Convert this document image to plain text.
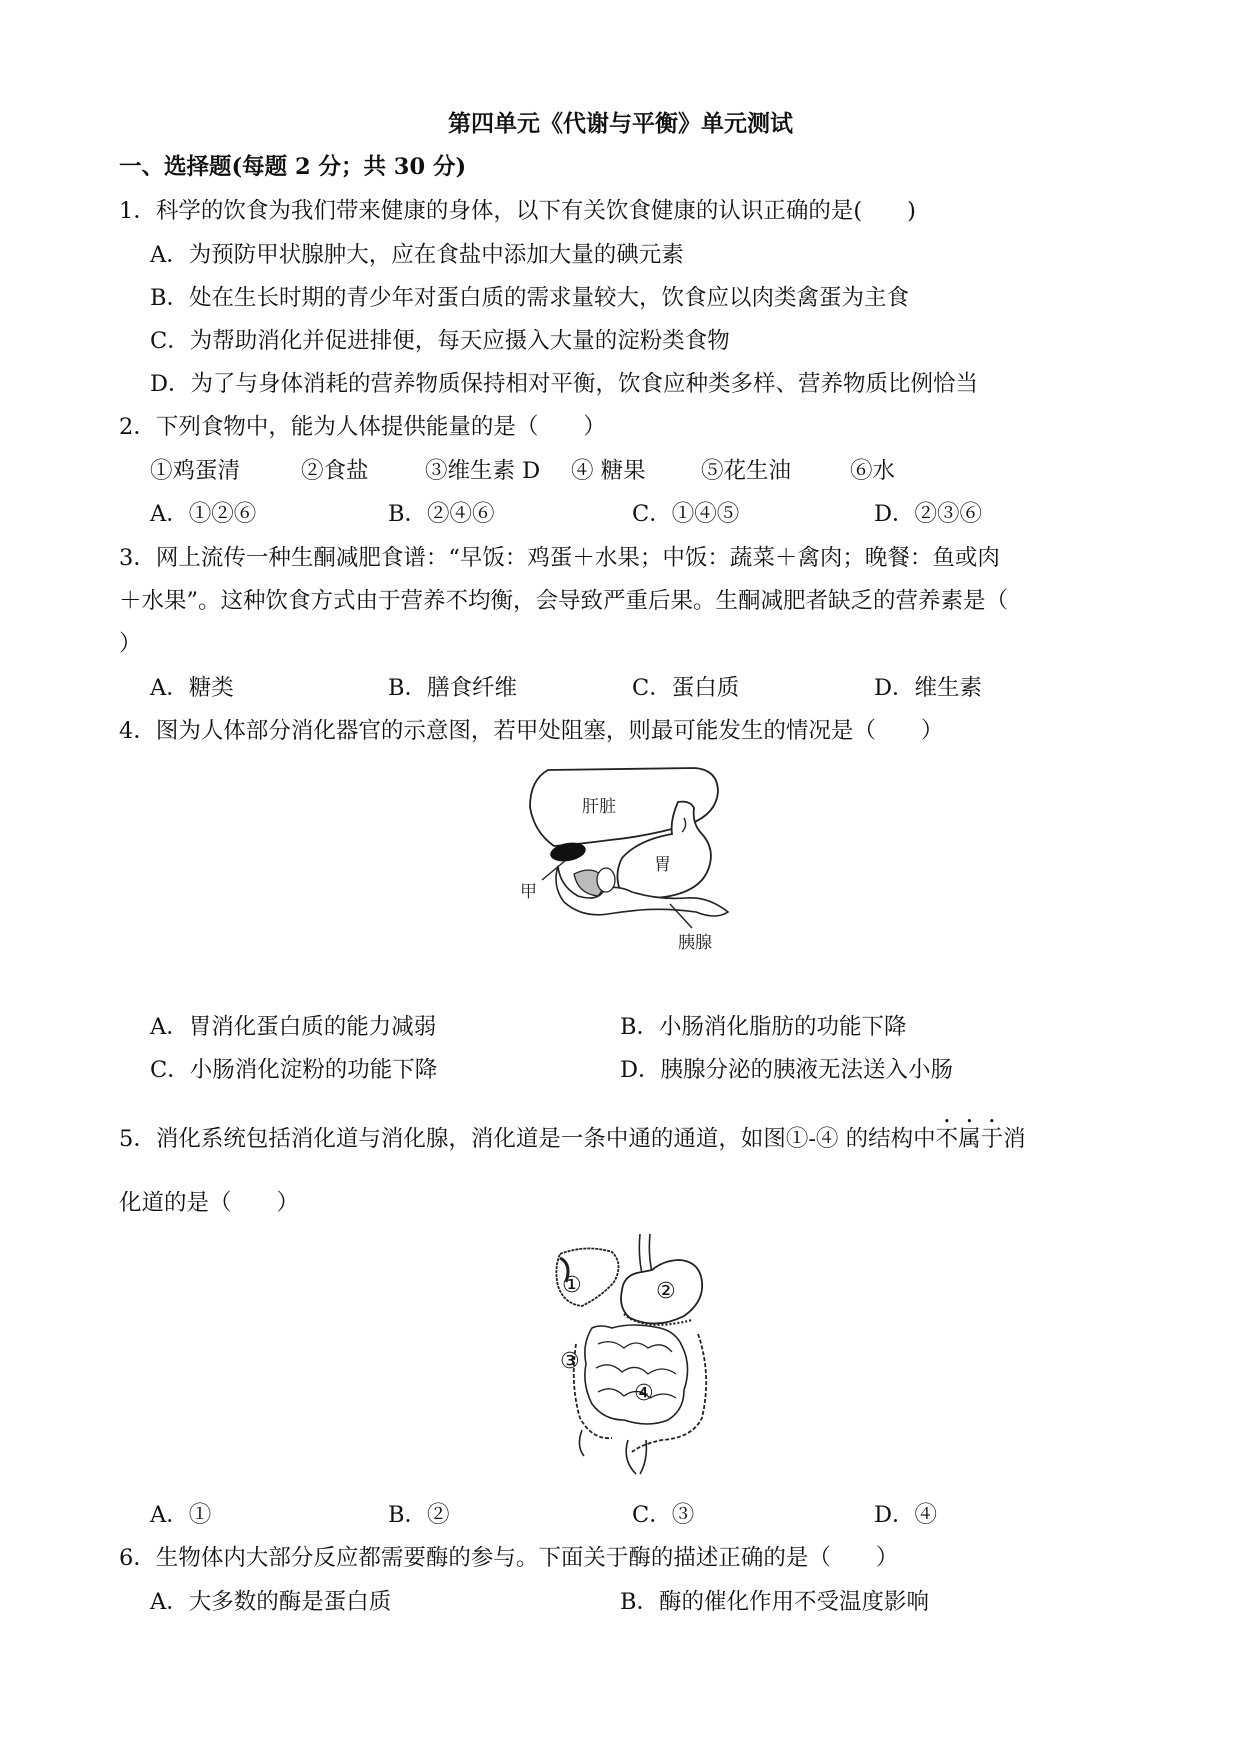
第四单元《代谢与平衡》单元测试
一、选择题(每题 2 分；共 30 分)
1．科学的饮食为我们带来健康的身体，以下有关饮食健康的认识正确的是(　　)
A．为预防甲状腺肿大，应在食盐中添加大量的碘元素
B．处在生长时期的青少年对蛋白质的需求量较大，饮食应以肉类禽蛋为主食
C．为帮助消化并促进排便，每天应摄入大量的淀粉类食物
D．为了与身体消耗的营养物质保持相对平衡，饮食应种类多样、营养物质比例恰当
2．下列食物中，能为人体提供能量的是（　　）
①鸡蛋清	②食盐	③维生素 D ④ 糖果 ⑤花生油	⑥水
A．①②⑥	B．②④⑥	C．①④⑤	D．②③⑥
3．网上流传一种生酮减肥食谱：“早饭：鸡蛋＋水果；中饭：蔬菜＋禽肉；晚餐：鱼或肉
＋水果”。这种饮食方式由于营养不均衡，会导致严重后果。生酮减肥者缺乏的营养素是（
）
A．糖类	B．膳食纤维	C．蛋白质	D．维生素
4．图为人体部分消化器官的示意图，若甲处阻塞，则最可能发生的情况是（　　）
肝脏
胃
甲
胰腺
A．胃消化蛋白质的能力减弱	B．小肠消化脂肪的功能下降
C．小肠消化淀粉的功能下降	D．胰腺分泌的胰液无法送入小肠
5．消化系统包括消化道与消化腺，消化道是一条中通的通道，如图①-④ 的结构中不属于消
化道的是（　　）
①	②
③
④
A．①	B．②	C．③	D．④
6．生物体内大部分反应都需要酶的参与。下面关于酶的描述正确的是（　　）
A．大多数的酶是蛋白质	B．酶的催化作用不受温度影响
